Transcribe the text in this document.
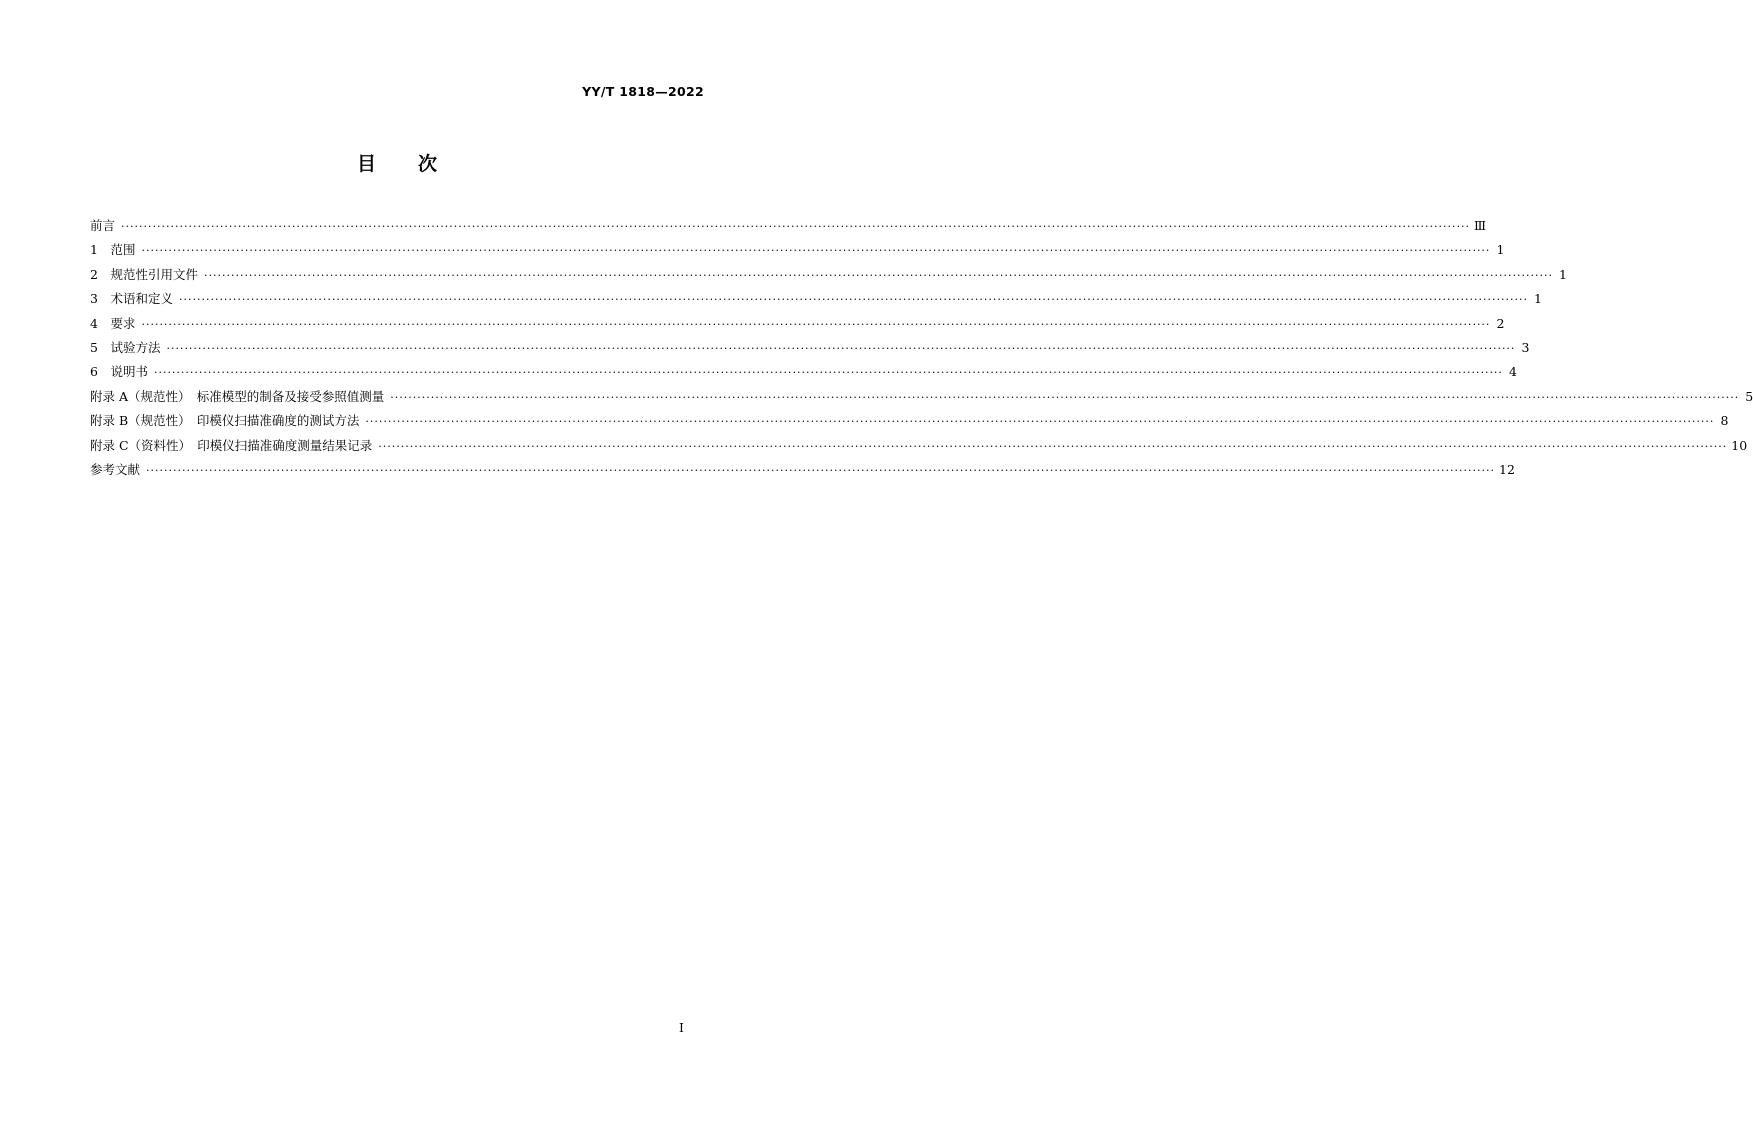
YY/T 1818—2022
目次
前言 ············································································································································································································································································································ Ⅲ
1　范围 ············································································································································································································································································································ 1
2　规范性引用文件 ············································································································································································································································································································ 1
3　术语和定义 ············································································································································································································································································································ 1
4　要求 ············································································································································································································································································································ 2
5　试验方法 ············································································································································································································································································································ 3
6　说明书 ············································································································································································································································································································ 4
附录 A（规范性）　标准模型的制备及接受参照值测量 ············································································································································································································································································································ 5
附录 B（规范性）　印模仪扫描准确度的测试方法 ············································································································································································································································································································ 8
附录 C（资料性）　印模仪扫描准确度测量结果记录 ············································································································································································································································································································ 10
参考文献 ············································································································································································································································································································ 12
Ⅰ
